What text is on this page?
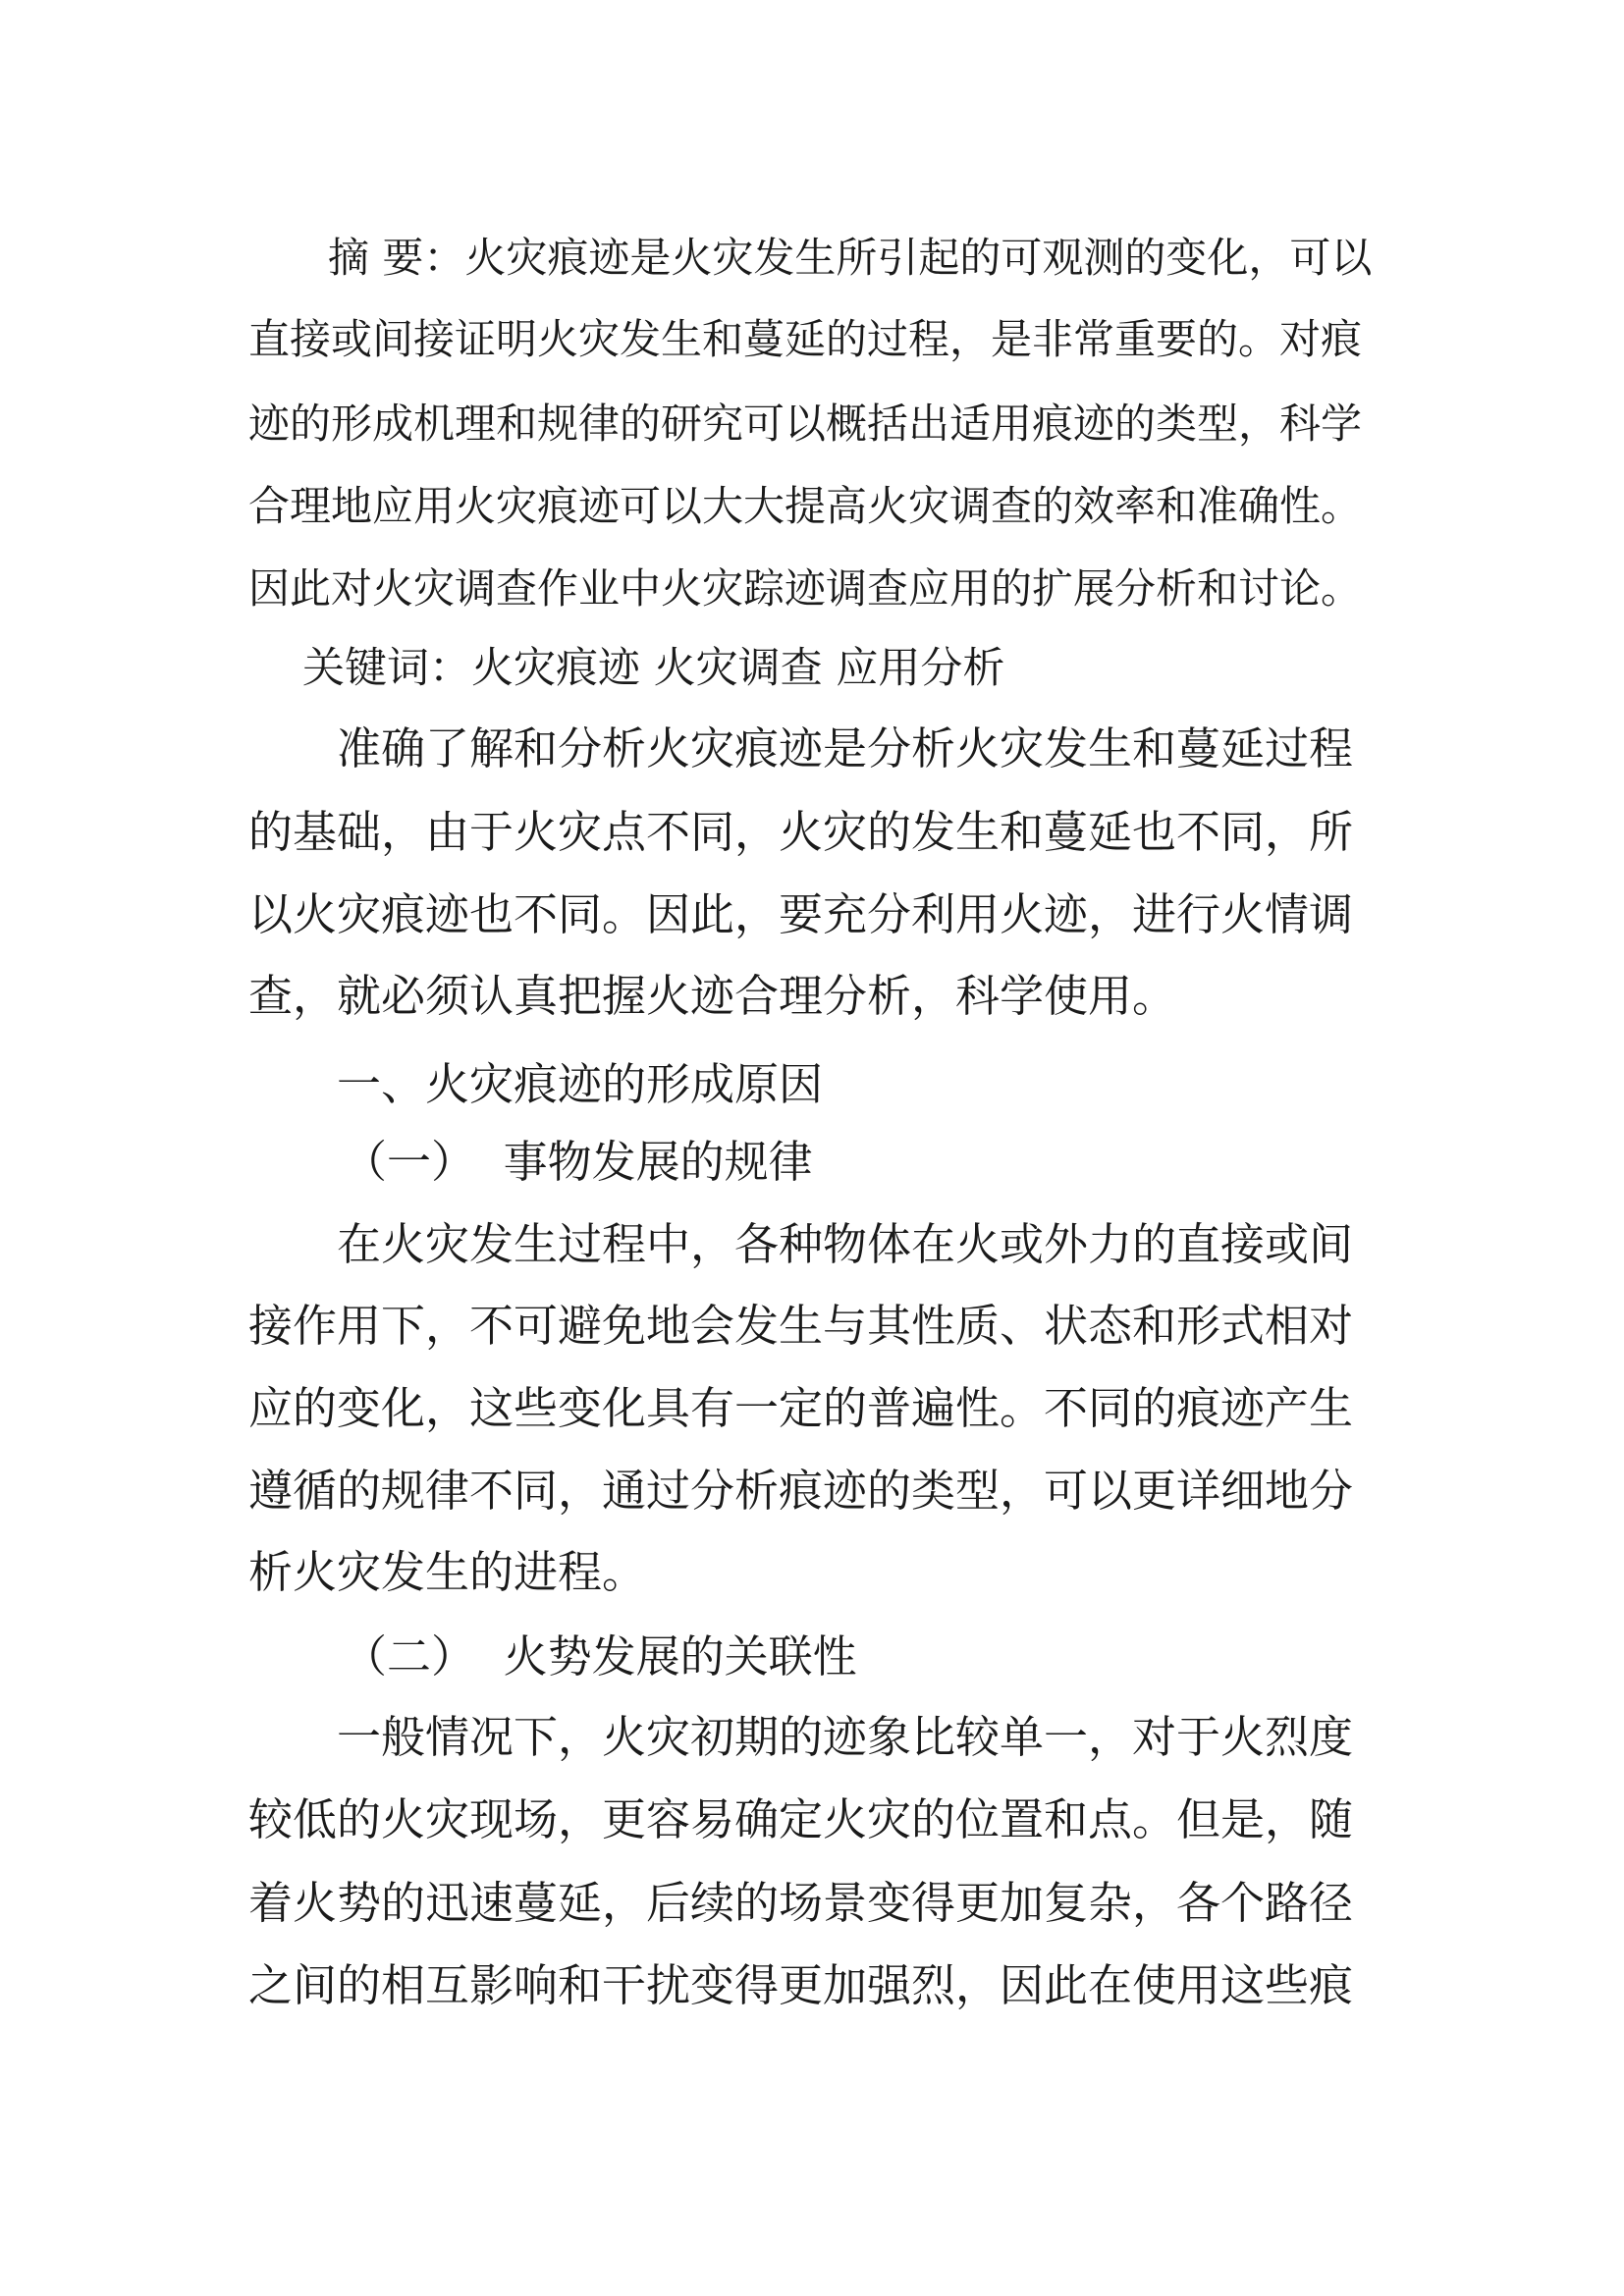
摘 要：火灾痕迹是火灾发生所引起的可观测的变化，可以
直接或间接证明火灾发生和蔓延的过程，是非常重要的。对痕
迹的形成机理和规律的研究可以概括出适用痕迹的类型，科学
合理地应用火灾痕迹可以大大提高火灾调查的效率和准确性。
因此对火灾调查作业中火灾踪迹调查应用的扩展分析和讨论。
关键词：火灾痕迹 火灾调查 应用分析
准确了解和分析火灾痕迹是分析火灾发生和蔓延过程
的基础，由于火灾点不同，火灾的发生和蔓延也不同，所
以火灾痕迹也不同。因此，要充分利用火迹，进行火情调
查，就必须认真把握火迹合理分析，科学使用。
一、火灾痕迹的形成原因
（一）  事物发展的规律
在火灾发生过程中，各种物体在火或外力的直接或间
接作用下，不可避免地会发生与其性质、状态和形式相对
应的变化，这些变化具有一定的普遍性。不同的痕迹产生
遵循的规律不同，通过分析痕迹的类型，可以更详细地分
析火灾发生的进程。
（二）  火势发展的关联性
一般情况下，火灾初期的迹象比较单一，对于火烈度
较低的火灾现场，更容易确定火灾的位置和点。但是，随
着火势的迅速蔓延，后续的场景变得更加复杂，各个路径
之间的相互影响和干扰变得更加强烈，因此在使用这些痕
